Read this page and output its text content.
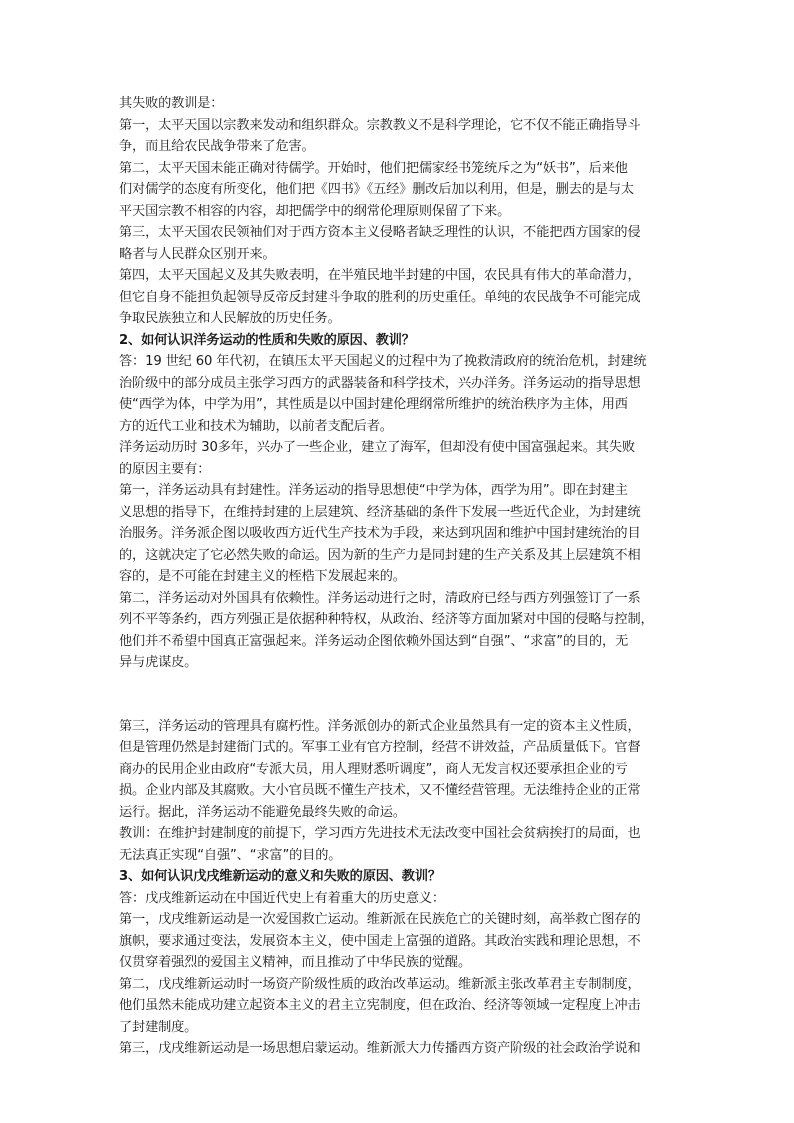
其失败的教训是：
第一，太平天国以宗教来发动和组织群众。宗教教义不是科学理论，它不仅不能正确指导斗
争，而且给农民战争带来了危害。
第二，太平天国未能正确对待儒学。开始时，他们把儒家经书笼统斥之为“妖书”，后来他
们对儒学的态度有所变化，他们把《四书》《五经》删改后加以利用，但是，删去的是与太
平天国宗教不相容的内容，却把儒学中的纲常伦理原则保留了下来。
第三，太平天国农民领袖们对于西方资本主义侵略者缺乏理性的认识，不能把西方国家的侵
略者与人民群众区别开来。
第四，太平天国起义及其失败表明，在半殖民地半封建的中国，农民具有伟大的革命潜力，
但它自身不能担负起领导反帝反封建斗争取的胜利的历史重任。单纯的农民战争不可能完成
争取民族独立和人民解放的历史任务。
2、如何认识洋务运动的性质和失败的原因、教训？
答：19 世纪 60 年代初，在镇压太平天国起义的过程中为了挽救清政府的统治危机，封建统
治阶级中的部分成员主张学习西方的武器装备和科学技术，兴办洋务。洋务运动的指导思想
使“西学为体，中学为用”，其性质是以中国封建伦理纲常所维护的统治秩序为主体，用西
方的近代工业和技术为辅助，以前者支配后者。
洋务运动历时 30多年，兴办了一些企业，建立了海军，但却没有使中国富强起来。其失败
的原因主要有：
第一，洋务运动具有封建性。洋务运动的指导思想使“中学为体，西学为用”。即在封建主
义思想的指导下，在维持封建的上层建筑、经济基础的条件下发展一些近代企业，为封建统
治服务。洋务派企图以吸收西方近代生产技术为手段，来达到巩固和维护中国封建统治的目
的，这就决定了它必然失败的命运。因为新的生产力是同封建的生产关系及其上层建筑不相
容的，是不可能在封建主义的桎梏下发展起来的。
第二，洋务运动对外国具有依赖性。洋务运动进行之时，清政府已经与西方列强签订了一系
列不平等条约，西方列强正是依据种种特权，从政治、经济等方面加紧对中国的侵略与控制，
他们并不希望中国真正富强起来。洋务运动企图依赖外国达到“自强”、“求富”的目的，无
异与虎谋皮。
第三，洋务运动的管理具有腐朽性。洋务派创办的新式企业虽然具有一定的资本主义性质，
但是管理仍然是封建衙门式的。军事工业有官方控制，经营不讲效益，产品质量低下。官督
商办的民用企业由政府“专派大员，用人理财悉听调度”，商人无发言权还要承担企业的亏
损。企业内部及其腐败。大小官员既不懂生产技术，又不懂经营管理。无法维持企业的正常
运行。据此，洋务运动不能避免最终失败的命运。
教训：在维护封建制度的前提下，学习西方先进技术无法改变中国社会贫病挨打的局面，也
无法真正实现“自强”、“求富”的目的。
3、如何认识戊戌维新运动的意义和失败的原因、教训？
答：戊戌维新运动在中国近代史上有着重大的历史意义：
第一，戊戌维新运动是一次爱国救亡运动。维新派在民族危亡的关键时刻，高举救亡图存的
旗帜，要求通过变法，发展资本主义，使中国走上富强的道路。其政治实践和理论思想，不
仅贯穿着强烈的爱国主义精神，而且推动了中华民族的觉醒。
第二，戊戌维新运动时一场资产阶级性质的政治改革运动。维新派主张改革君主专制制度，
他们虽然未能成功建立起资本主义的君主立宪制度，但在政治、经济等领域一定程度上冲击
了封建制度。
第三，戊戌维新运动是一场思想启蒙运动。维新派大力传播西方资产阶级的社会政治学说和
